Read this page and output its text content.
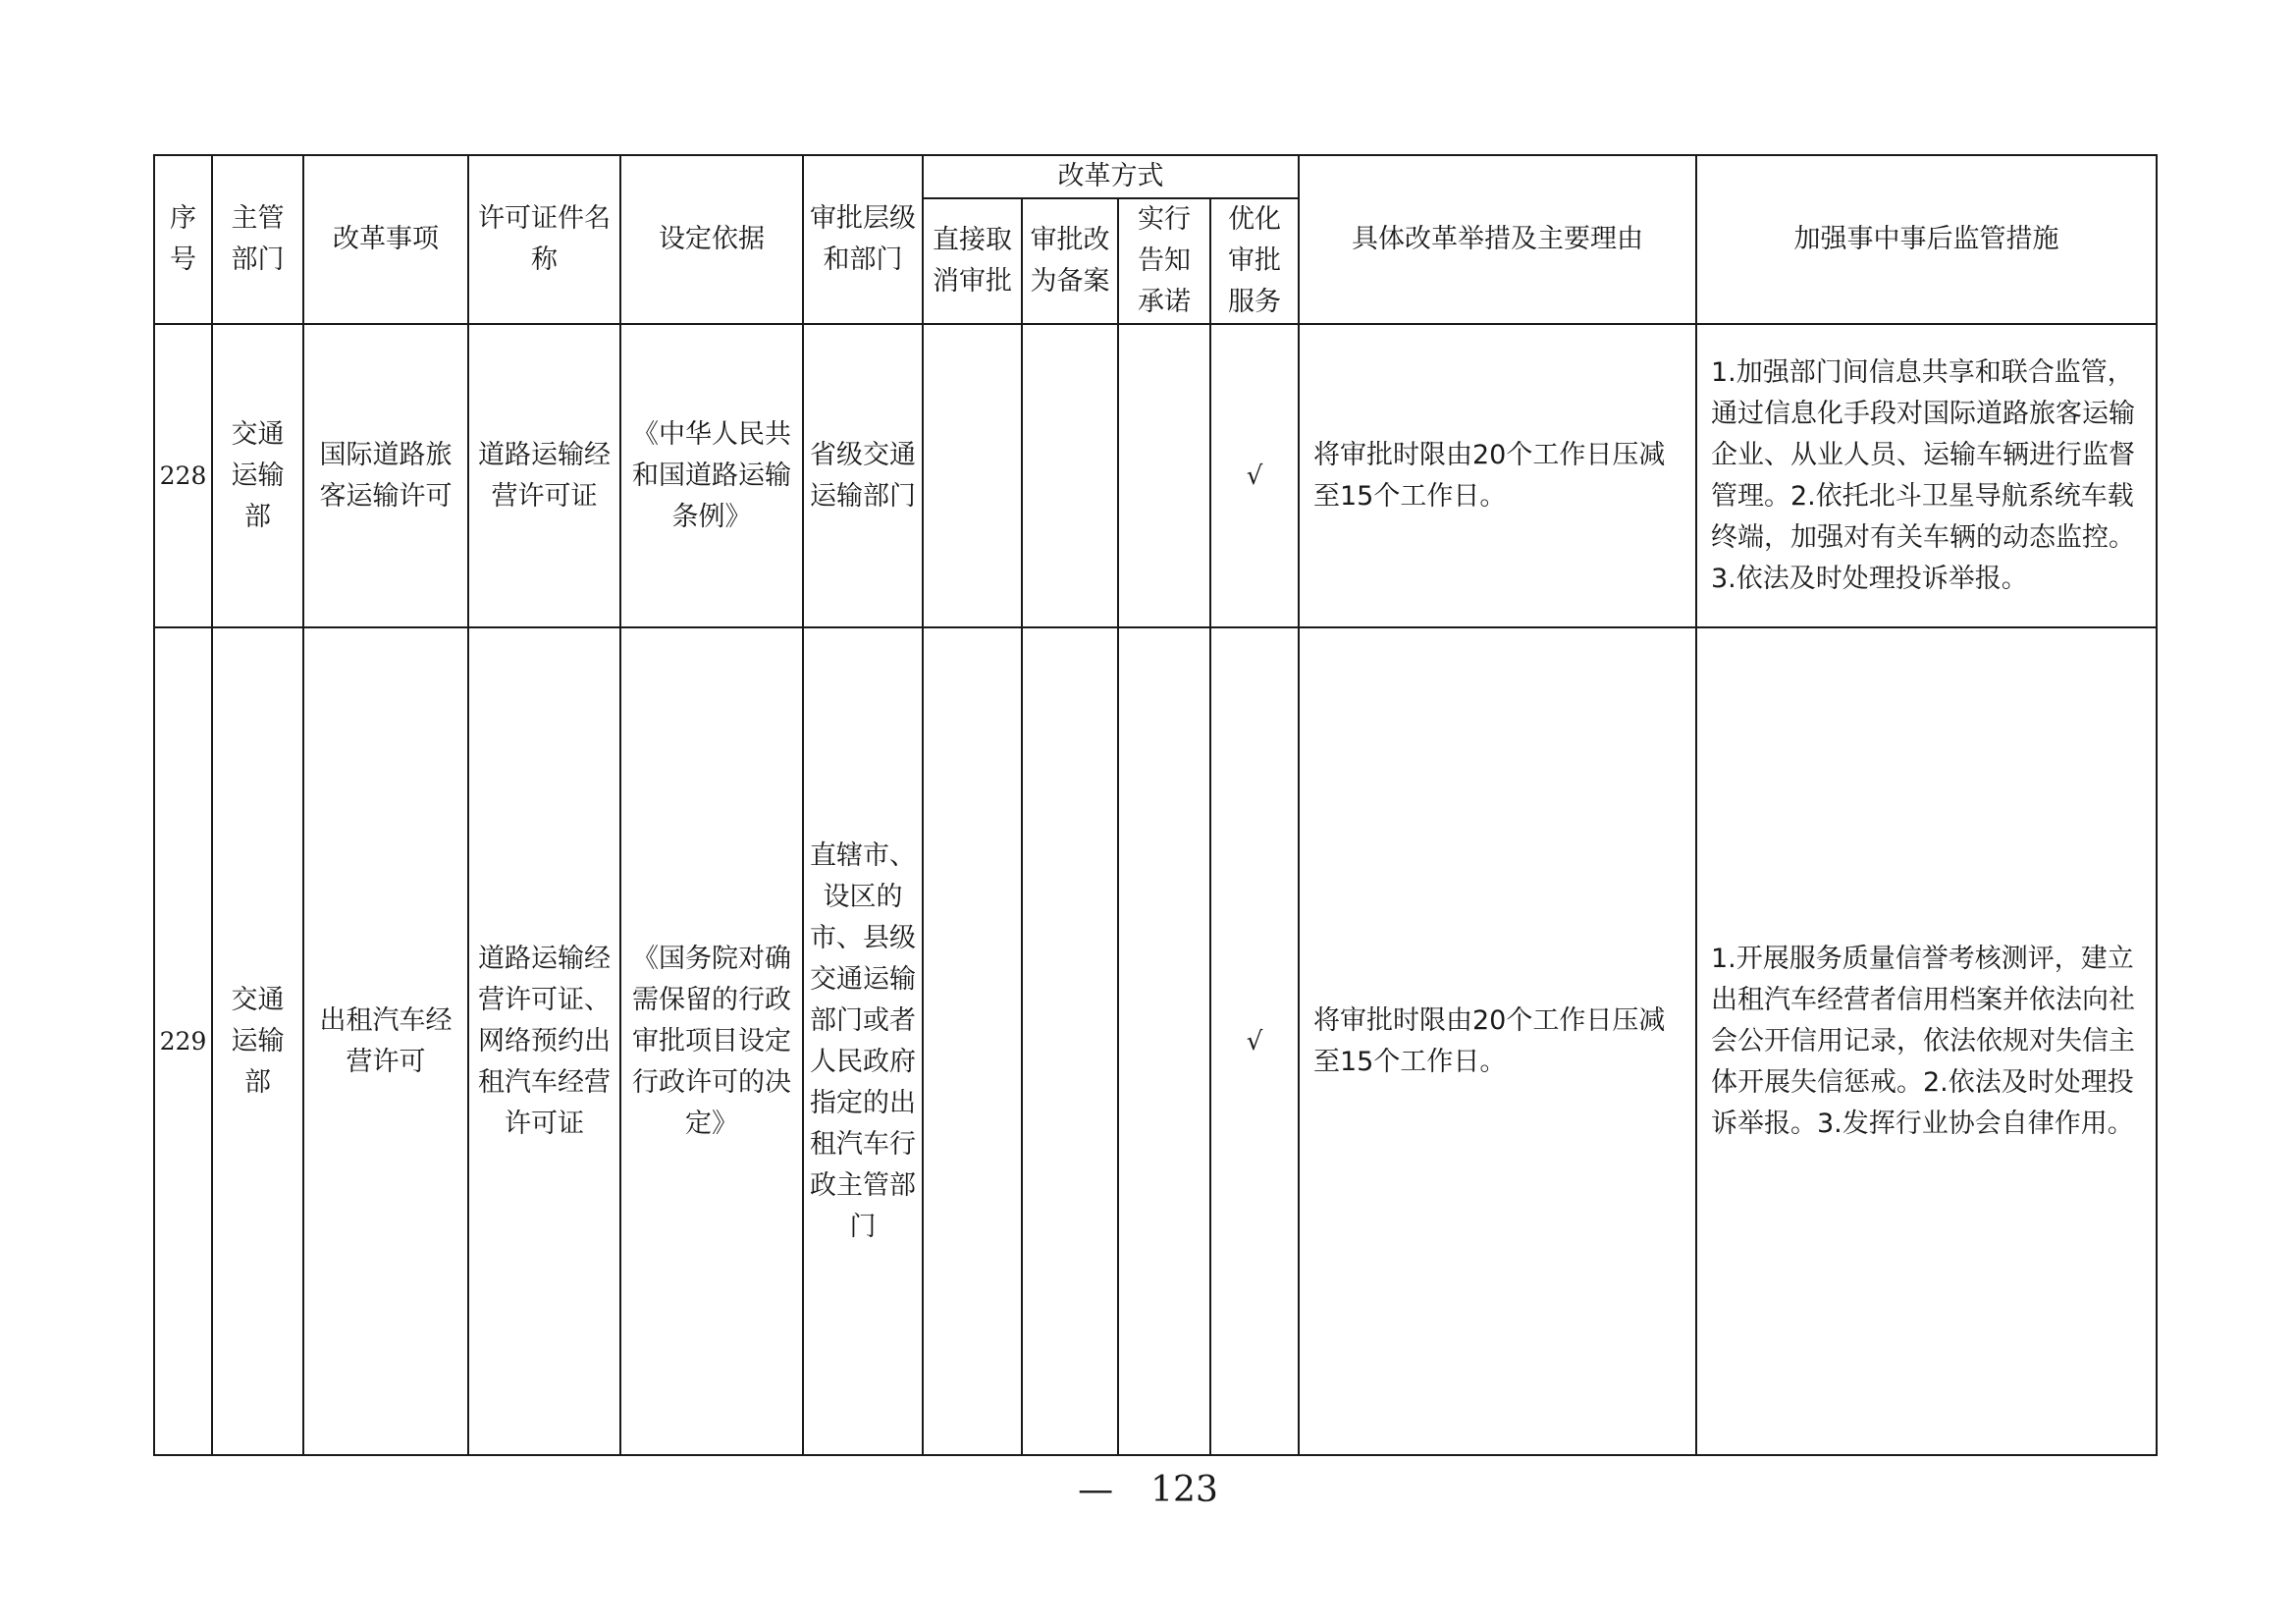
序号	主管部门	改革事项	许可证件名称	设定依据	审批层级和部门	改革方式				具体改革举措及主要理由	加强事中事后监管措施
						直接取消审批	审批改为备案	实行告知承诺	优化审批服务		
228	交通运输部	国际道路旅客运输许可	道路运输经营许可证	《中华人民共和国道路运输条例》	省级交通运输部门				√	将审批时限由20个工作日压减至15个工作日。	1.加强部门间信息共享和联合监管，通过信息化手段对国际道路旅客运输企业、从业人员、运输车辆进行监督管理。2.依托北斗卫星导航系统车载终端，加强对有关车辆的动态监控。3.依法及时处理投诉举报。
229	交通运输部	出租汽车经营许可	道路运输经营许可证、网络预约出租汽车经营许可证	《国务院对确需保留的行政审批项目设定行政许可的决定》	直辖市、设区的市、县级交通运输部门或者人民政府指定的出租汽车行政主管部门				√	将审批时限由20个工作日压减至15个工作日。	1.开展服务质量信誉考核测评，建立出租汽车经营者信用档案并依法向社会公开信用记录，依法依规对失信主体开展失信惩戒。2.依法及时处理投诉举报。3.发挥行业协会自律作用。
— 123
